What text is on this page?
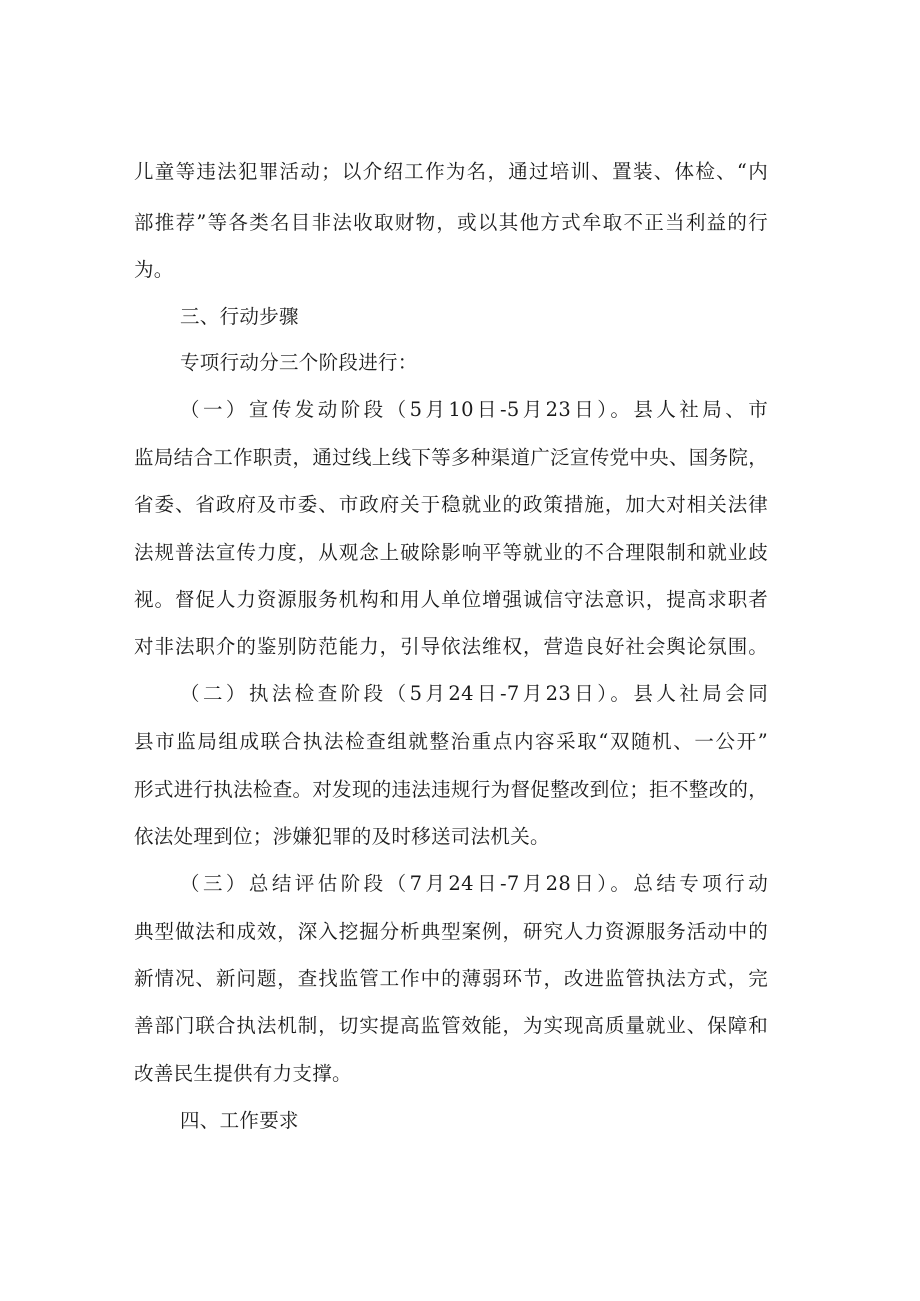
儿童等违法犯罪活动；以介绍工作为名，通过培训、置装、体检、“内
部推荐”等各类名目非法收取财物，或以其他方式牟取不正当利益的行
为。
三、行动步骤
专项行动分三个阶段进行：
（一）宣传发动阶段（5月10日-5月23日）。县人社局、市
监局结合工作职责，通过线上线下等多种渠道广泛宣传党中央、国务院，
省委、省政府及市委、市政府关于稳就业的政策措施，加大对相关法律
法规普法宣传力度，从观念上破除影响平等就业的不合理限制和就业歧
视。督促人力资源服务机构和用人单位增强诚信守法意识，提高求职者
对非法职介的鉴别防范能力，引导依法维权，营造良好社会舆论氛围。
（二）执法检查阶段（5月24日-7月23日）。县人社局会同
县市监局组成联合执法检查组就整治重点内容采取“双随机、一公开”
形式进行执法检查。对发现的违法违规行为督促整改到位；拒不整改的，
依法处理到位；涉嫌犯罪的及时移送司法机关。
（三）总结评估阶段（7月24日-7月28日）。总结专项行动
典型做法和成效，深入挖掘分析典型案例，研究人力资源服务活动中的
新情况、新问题，查找监管工作中的薄弱环节，改进监管执法方式，完
善部门联合执法机制，切实提高监管效能，为实现高质量就业、保障和
改善民生提供有力支撑。
四、工作要求
